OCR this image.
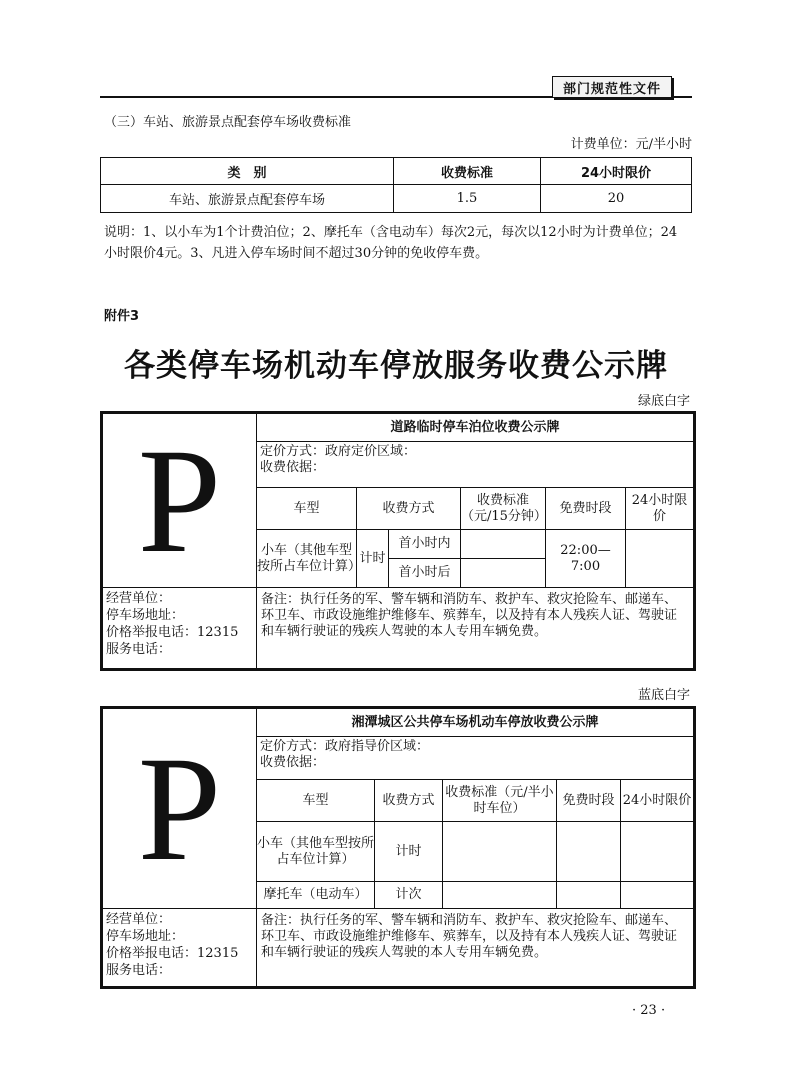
部门规范性文件
（三）车站、旅游景点配套停车场收费标准
计费单位：元/半小时
类　别	收费标准	24小时限价
车站、旅游景点配套停车场	1.5	20
说明：1、以小车为1个计费泊位；2、摩托车（含电动车）每次2元，每次以12小时为计费单位；24
小时限价4元。3、凡进入停车场时间不超过30分钟的免收停车费。
附件3
各类停车场机动车停放服务收费公示牌
绿底白字
P	道路临时停车泊位收费公示牌					

	定价方式：政府定价区域：
收费依据：					

	车型	收费方式		收费标准（元/15分钟）	免费时段	24小时限价
	小车（其他车型按所占车位计算）	计时	首小时内		22:00—7:00	
			首小时后			

经营单位：
停车场地址：
价格举报电话：12315
服务电话：	备注：执行任务的军、警车辆和消防车、救护车、救灾抢险车、邮递车、环卫车、市政设施维护维修车、殡葬车，以及持有本人残疾人证、驾驶证和车辆行驶证的残疾人驾驶的本人专用车辆免费。					
蓝底白字
P	湘潭城区公共停车场机动车停放收费公示牌				

	定价方式：政府指导价区域：
收费依据：				

	车型	收费方式	收费标准（元/半小时车位）	免费时段	24小时限价
	小车（其他车型按所占车位计算）	计时			
	摩托车（电动车）	计次			

经营单位：
停车场地址：
价格举报电话：12315
服务电话：	备注：执行任务的军、警车辆和消防车、救护车、救灾抢险车、邮递车、环卫车、市政设施维护维修车、殡葬车，以及持有本人残疾人证、驾驶证和车辆行驶证的残疾人驾驶的本人专用车辆免费。				
· 23 ·
